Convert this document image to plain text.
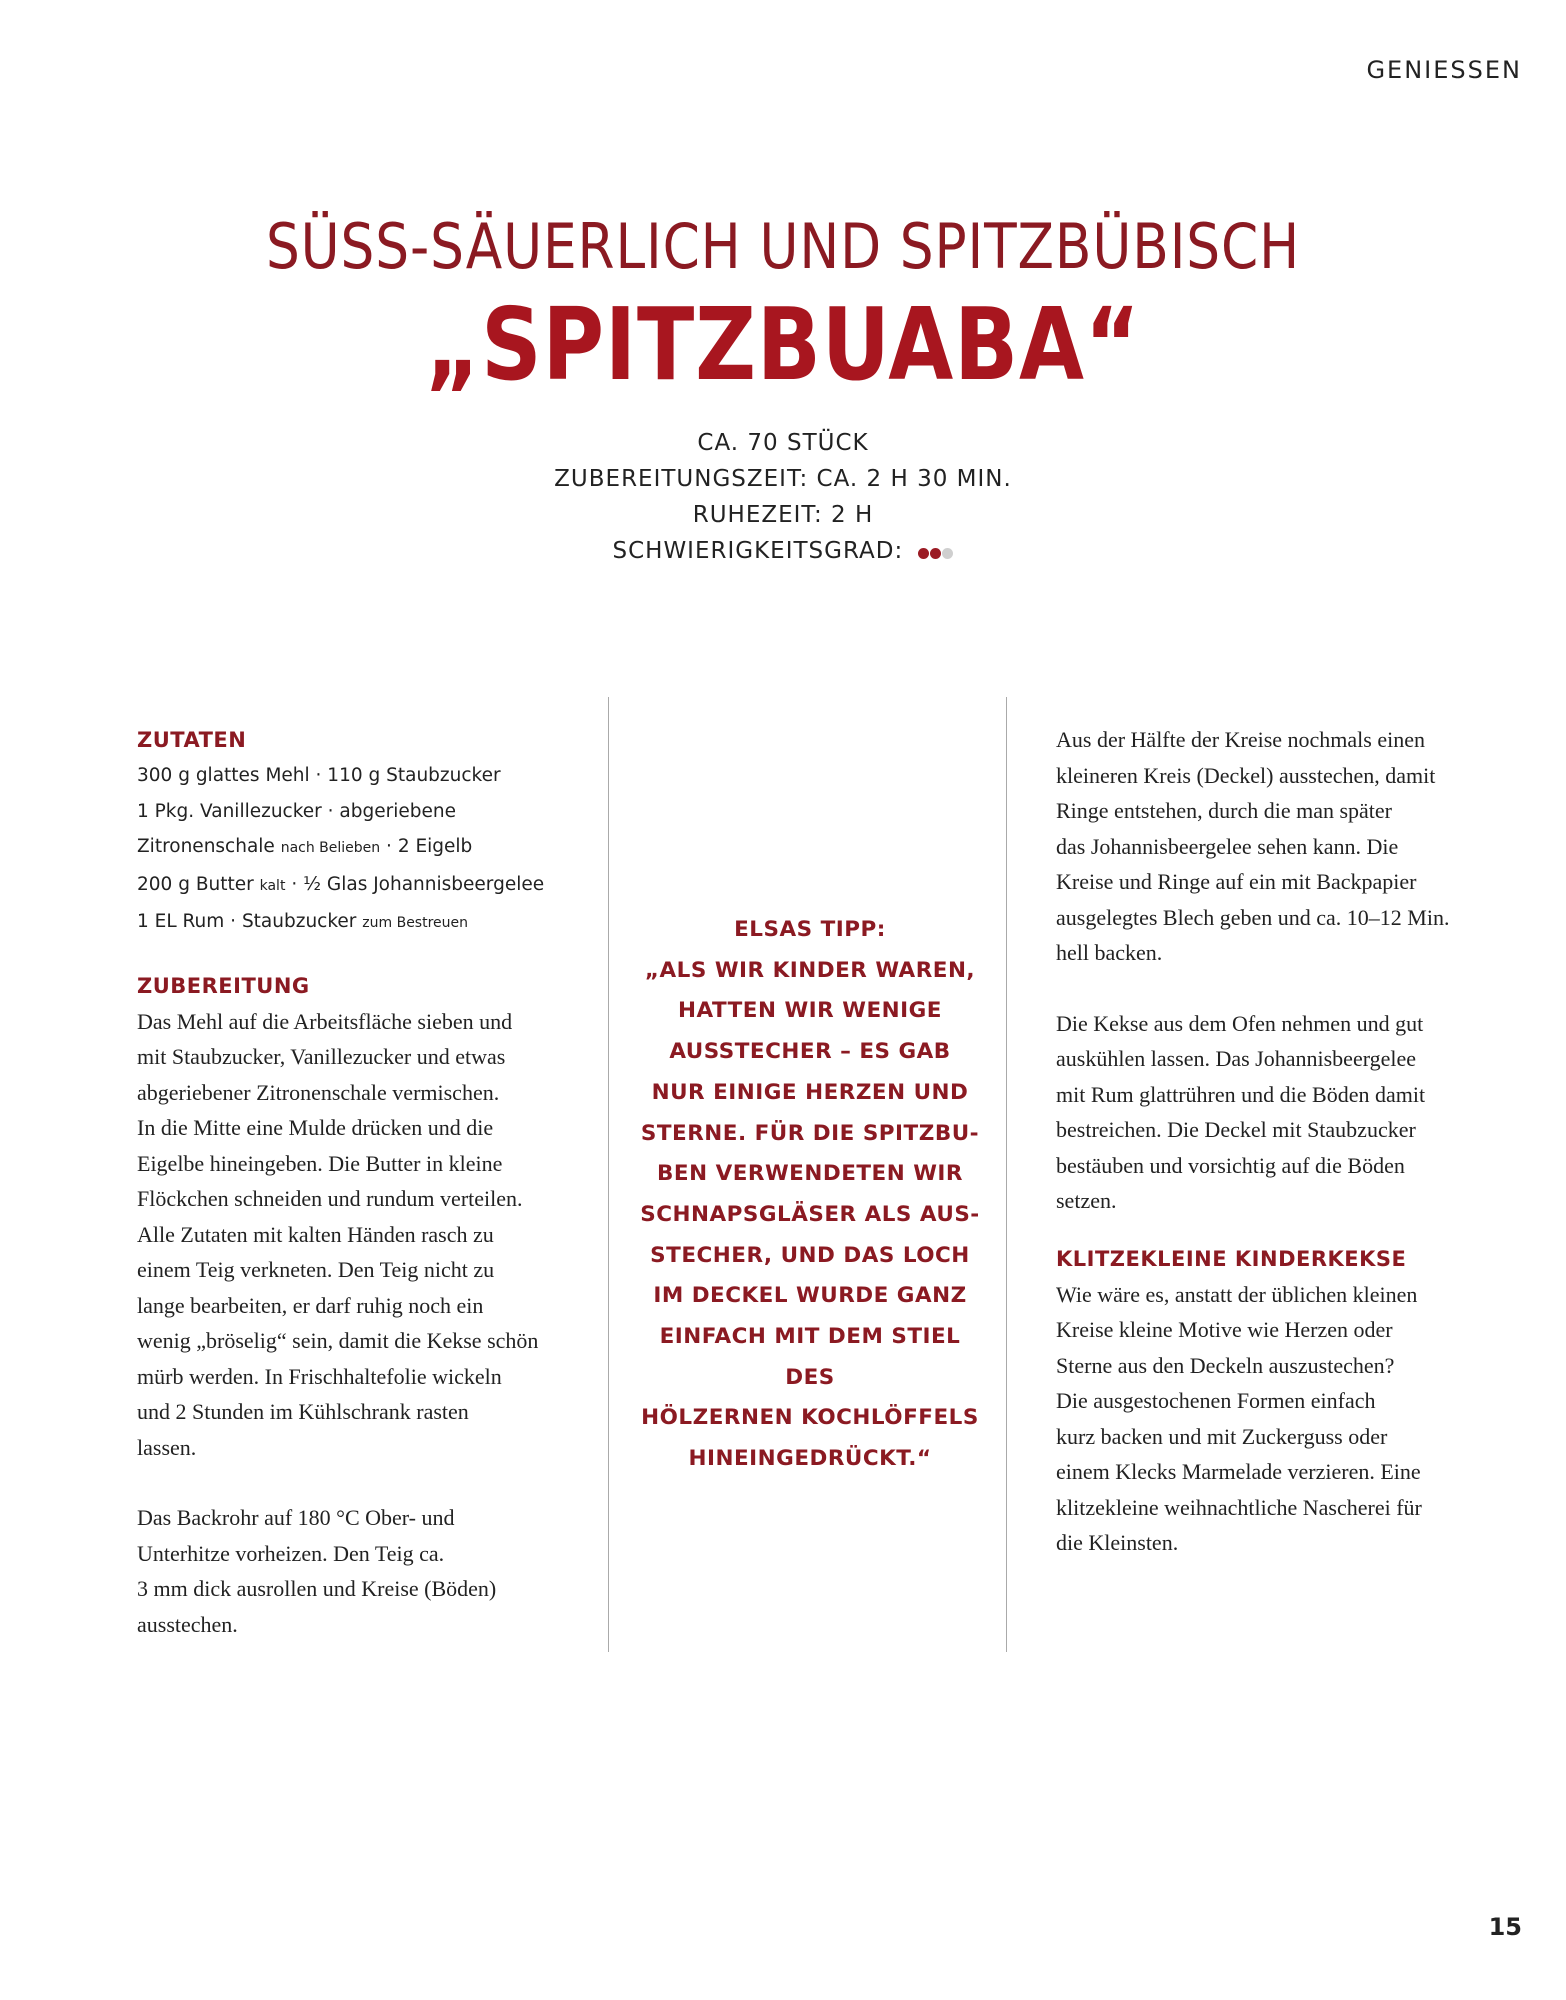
GENIESSEN
SÜSS-SÄUERLICH UND SPITZBÜBISCH
„SPITZBUABA“
CA. 70 STÜCK
ZUBEREITUNGSZEIT: CA. 2 H 30 MIN.
RUHEZEIT: 2 H
SCHWIERIGKEITSGRAD:
ZUTATEN
300 g glattes Mehl · 110 g Staubzucker
1 Pkg. Vanillezucker · abgeriebene
Zitronenschale nach Belieben · 2 Eigelb
200 g Butter kalt · ½ Glas Johannisbeergelee
1 EL Rum · Staubzucker zum Bestreuen
ZUBEREITUNG

Das Mehl auf die Arbeitsfläche sieben und
mit Staubzucker, Vanillezucker und etwas
abgeriebener Zitronenschale vermischen.
In die Mitte eine Mulde drücken und die
Eigelbe hineingeben. Die Butter in kleine
Flöckchen schneiden und rundum verteilen.
Alle Zutaten mit kalten Händen rasch zu
einem Teig verkneten. Den Teig nicht zu
lange bearbeiten, er darf ruhig noch ein
wenig „bröselig“ sein, damit die Kekse schön
mürb werden. In Frischhaltefolie wickeln
und 2 Stunden im Kühlschrank rasten
lassen.

Das Backrohr auf 180 °C Ober- und
Unterhitze vorheizen. Den Teig ca.
3 mm dick ausrollen und Kreise (Böden)
ausstechen.

ELSAS TIPP:
„ALS WIR KINDER WAREN,
HATTEN WIR WENIGE
AUSSTECHER – ES GAB
NUR EINIGE HERZEN UND
STERNE. FÜR DIE SPITZBU-
BEN VERWENDETEN WIR
SCHNAPSGLÄSER ALS AUS-
STECHER, UND DAS LOCH
IM DECKEL WURDE GANZ
EINFACH MIT DEM STIEL DES
HÖLZERNEN KOCHLÖFFELS
HINEINGEDRÜCKT.“

Aus der Hälfte der Kreise nochmals einen
kleineren Kreis (Deckel) ausstechen, damit
Ringe entstehen, durch die man später
das Johannisbeergelee sehen kann. Die
Kreise und Ringe auf ein mit Backpapier
ausgelegtes Blech geben und ca. 10–12 Min.
hell backen.

Die Kekse aus dem Ofen nehmen und gut
auskühlen lassen. Das Johannisbeergelee
mit Rum glattrühren und die Böden damit
bestreichen. Die Deckel mit Staubzucker
bestäuben und vorsichtig auf die Böden
setzen.

KLITZEKLEINE KINDERKEKSE

Wie wäre es, anstatt der üblichen kleinen
Kreise kleine Motive wie Herzen oder
Sterne aus den Deckeln auszustechen?
Die ausgestochenen Formen einfach
kurz backen und mit Zuckerguss oder
einem Klecks Marmelade verzieren. Eine
klitzekleine weihnachtliche Nascherei für
die Kleinsten.

15
